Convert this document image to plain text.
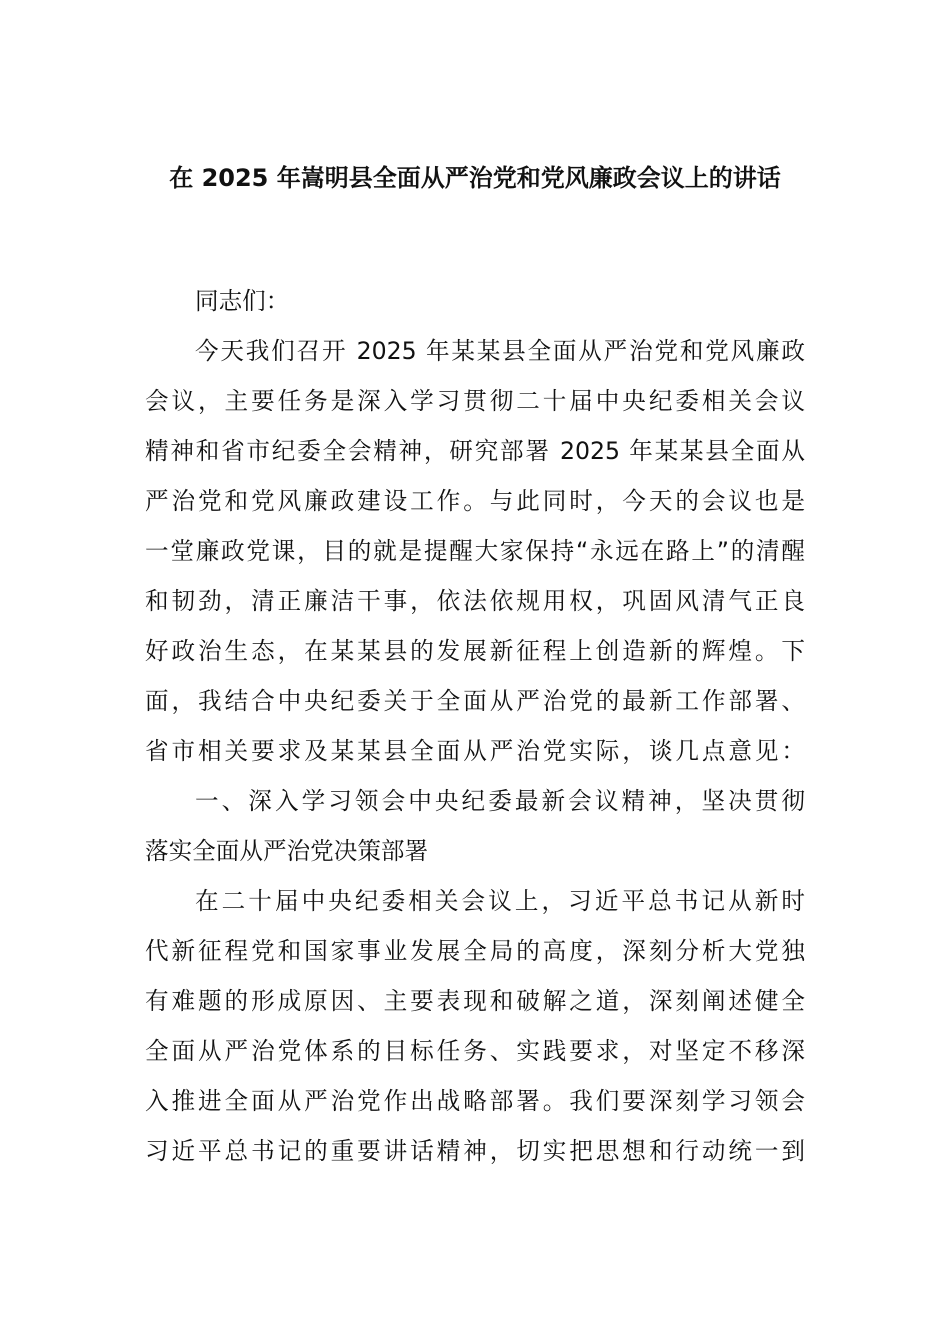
在 2025 年嵩明县全面从严治党和党风廉政会议上的讲话
同志们：
今天我们召开 2025 年某某县全面从严治党和党风廉政
会议，主要任务是深入学习贯彻二十届中央纪委相关会议
精神和省市纪委全会精神，研究部署 2025 年某某县全面从
严治党和党风廉政建设工作。与此同时，今天的会议也是
一堂廉政党课，目的就是提醒大家保持“永远在路上”的清醒
和韧劲，清正廉洁干事，依法依规用权，巩固风清气正良
好政治生态，在某某县的发展新征程上创造新的辉煌。下
面，我结合中央纪委关于全面从严治党的最新工作部署、
省市相关要求及某某县全面从严治党实际，谈几点意见：
一、深入学习领会中央纪委最新会议精神，坚决贯彻
落实全面从严治党决策部署
在二十届中央纪委相关会议上，习近平总书记从新时
代新征程党和国家事业发展全局的高度，深刻分析大党独
有难题的形成原因、主要表现和破解之道，深刻阐述健全
全面从严治党体系的目标任务、实践要求，对坚定不移深
入推进全面从严治党作出战略部署。我们要深刻学习领会
习近平总书记的重要讲话精神，切实把思想和行动统一到
